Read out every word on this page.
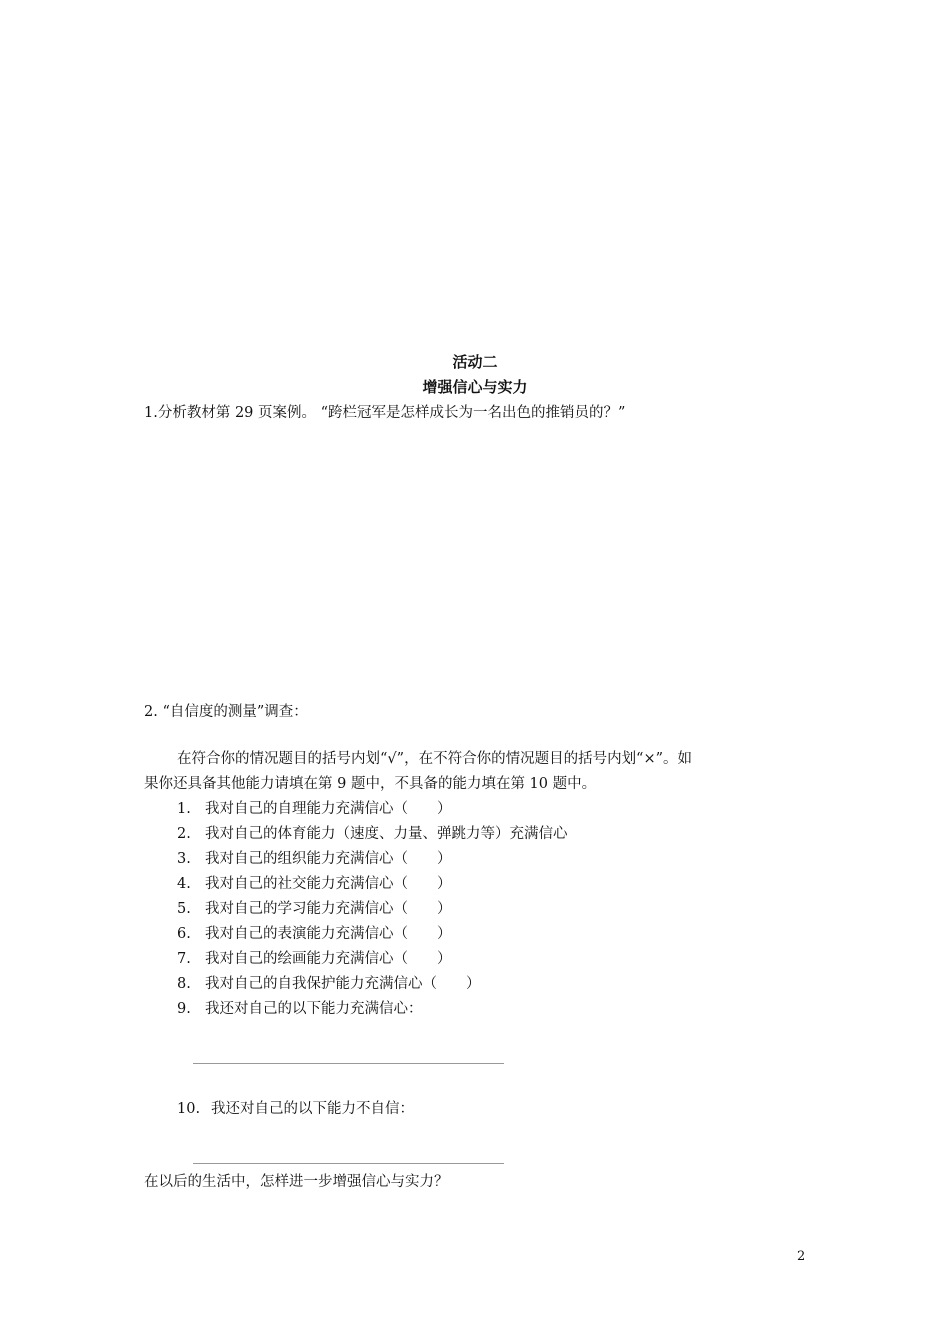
活动二
增强信心与实力
1.分析教材第 29 页案例。 “跨栏冠军是怎样成长为一名出色的推销员的？”
2. “自信度的测量”调查：
在符合你的情况题目的括号内划“√”，在不符合你的情况题目的括号内划“×”。如
果你还具备其他能力请填在第 9 题中，不具备的能力填在第 10 题中。
1. 我对自己的自理能力充满信心（　　）
2. 我对自己的体育能力（速度、力量、弹跳力等）充满信心
3. 我对自己的组织能力充满信心（　　）
4. 我对自己的社交能力充满信心（　　）
5. 我对自己的学习能力充满信心（　　）
6. 我对自己的表演能力充满信心（　　）
7. 我对自己的绘画能力充满信心（　　）
8. 我对自己的自我保护能力充满信心（　　）
9. 我还对自己的以下能力充满信心：
10. 我还对自己的以下能力不自信：
在以后的生活中，怎样进一步增强信心与实力？
2
